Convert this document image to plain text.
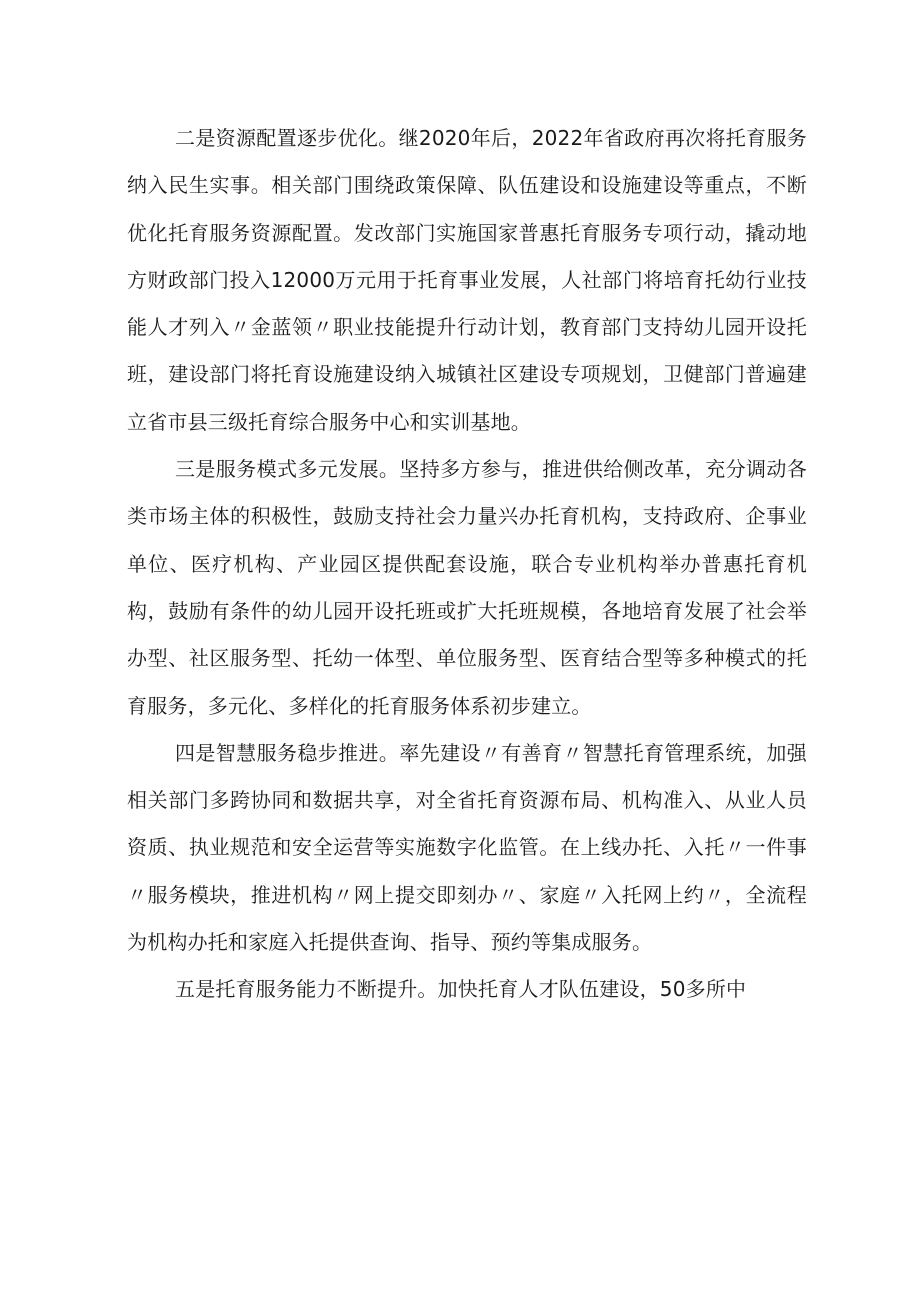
二是资源配置逐步优化。继2020年后，2022年省政府再次将托育服务纳入民生实事。相关部门围绕政策保障、队伍建设和设施建设等重点，不断优化托育服务资源配置。发改部门实施国家普惠托育服务专项行动，撬动地方财政部门投入12000万元用于托育事业发展，人社部门将培育托幼行业技能人才列入〃金蓝领〃职业技能提升行动计划，教育部门支持幼儿园开设托班，建设部门将托育设施建设纳入城镇社区建设专项规划，卫健部门普遍建立省市县三级托育综合服务中心和实训基地。

三是服务模式多元发展。坚持多方参与，推进供给侧改革，充分调动各类市场主体的积极性，鼓励支持社会力量兴办托育机构，支持政府、企事业单位、医疗机构、产业园区提供配套设施，联合专业机构举办普惠托育机构，鼓励有条件的幼儿园开设托班或扩大托班规模，各地培育发展了社会举办型、社区服务型、托幼一体型、单位服务型、医育结合型等多种模式的托育服务，多元化、多样化的托育服务体系初步建立。

四是智慧服务稳步推进。率先建设〃有善育〃智慧托育管理系统，加强相关部门多跨协同和数据共享，对全省托育资源布局、机构准入、从业人员资质、执业规范和安全运营等实施数字化监管。在上线办托、入托〃一件事〃服务模块，推进机构〃网上提交即刻办〃、家庭〃入托网上约〃，全流程为机构办托和家庭入托提供查询、指导、预约等集成服务。

五是托育服务能力不断提升。加快托育人才队伍建设，50多所中
